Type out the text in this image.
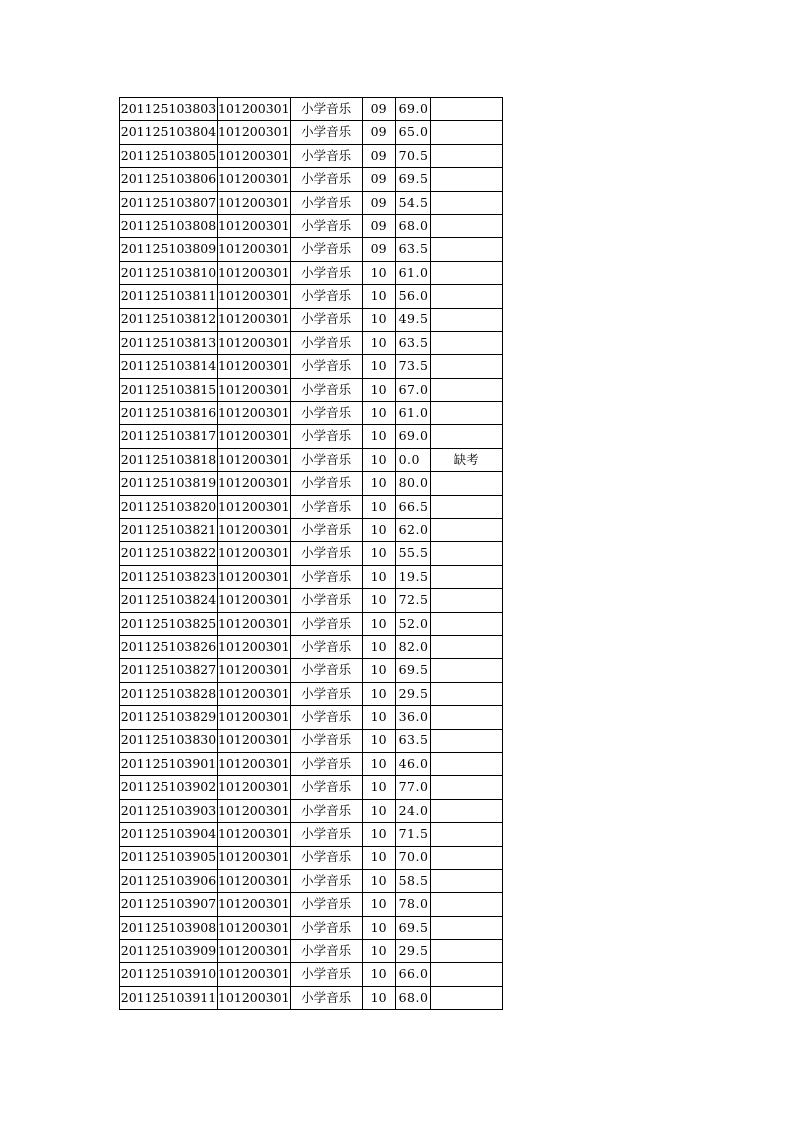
201125103803	101200301	小学音乐	09	69.0	
201125103804	101200301	小学音乐	09	65.0	
201125103805	101200301	小学音乐	09	70.5	
201125103806	101200301	小学音乐	09	69.5	
201125103807	101200301	小学音乐	09	54.5	
201125103808	101200301	小学音乐	09	68.0	
201125103809	101200301	小学音乐	09	63.5	
201125103810	101200301	小学音乐	10	61.0	
201125103811	101200301	小学音乐	10	56.0	
201125103812	101200301	小学音乐	10	49.5	
201125103813	101200301	小学音乐	10	63.5	
201125103814	101200301	小学音乐	10	73.5	
201125103815	101200301	小学音乐	10	67.0	
201125103816	101200301	小学音乐	10	61.0	
201125103817	101200301	小学音乐	10	69.0	
201125103818	101200301	小学音乐	10	0.0	缺考
201125103819	101200301	小学音乐	10	80.0	
201125103820	101200301	小学音乐	10	66.5	
201125103821	101200301	小学音乐	10	62.0	
201125103822	101200301	小学音乐	10	55.5	
201125103823	101200301	小学音乐	10	19.5	
201125103824	101200301	小学音乐	10	72.5	
201125103825	101200301	小学音乐	10	52.0	
201125103826	101200301	小学音乐	10	82.0	
201125103827	101200301	小学音乐	10	69.5	
201125103828	101200301	小学音乐	10	29.5	
201125103829	101200301	小学音乐	10	36.0	
201125103830	101200301	小学音乐	10	63.5	
201125103901	101200301	小学音乐	10	46.0	
201125103902	101200301	小学音乐	10	77.0	
201125103903	101200301	小学音乐	10	24.0	
201125103904	101200301	小学音乐	10	71.5	
201125103905	101200301	小学音乐	10	70.0	
201125103906	101200301	小学音乐	10	58.5	
201125103907	101200301	小学音乐	10	78.0	
201125103908	101200301	小学音乐	10	69.5	
201125103909	101200301	小学音乐	10	29.5	
201125103910	101200301	小学音乐	10	66.0	
201125103911	101200301	小学音乐	10	68.0	
